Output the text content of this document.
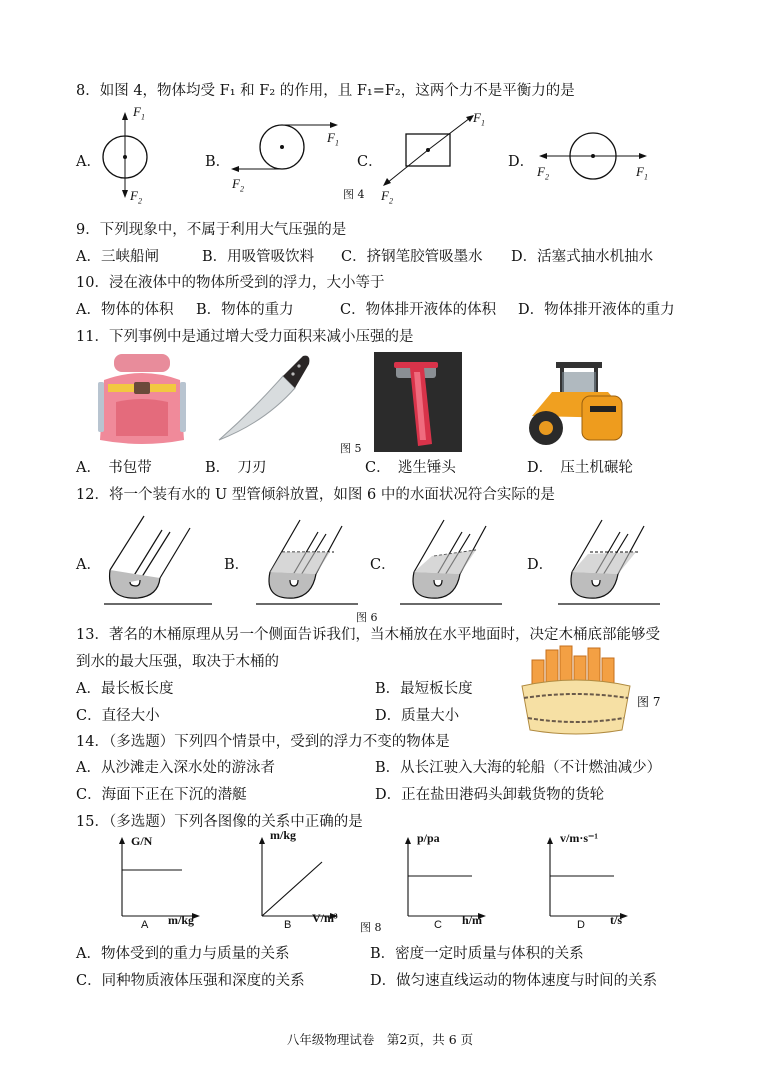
8．如图 4，物体均受 F₁ 和 F₂ 的作用，且 F₁=F₂，这两个力不是平衡力的是
A．
$F_1$
$F_2$
B．
$F_1$
$F_2$
C．
$F_1$
$F_2$
图 4
D．
$F_2$	$F_1$
9．下列现象中，不属于利用大气压强的是
A．三峡船闸	B．用吸管吸饮料 C．挤钢笔胶管吸墨水 D．活塞式抽水机抽水
10．浸在液体中的物体所受到的浮力，大小等于
A．物体的体积 B．物体的重力	C．物体排开液体的体积 D．物体排开液体的重力
11．下列事例中是通过增大受力面积来减小压强的是
图 5
A．　书包带	B．　刀刃	C．　逃生锤头	D．　压土机碾轮
12．将一个装有水的 U 型管倾斜放置，如图 6 中的水面状况符合实际的是
A．	B．	C．	D．
图 6
13．著名的木桶原理从另一个侧面告诉我们，当木桶放在水平地面时，决定木桶底部能够受
到水的最大压强，取决于木桶的
A．最长板长度	B．最短板长度
C．直径大小	D．质量大小
图 7
14．（多选题）下列四个情景中，受到的浮力不变的物体是
A．从沙滩走入深水处的游泳者	B．从长江驶入大海的轮船（不计燃油减少）
C．海面下正在下沉的潜艇	D．正在盐田港码头卸载货物的货轮
15．（多选题）下列各图像的关系中正确的是
G/N
m/kg
A
m/kg
V/m³
B	图 8
p/pa
h/m
C
v/m·s⁻¹
t/s
D
A．物体受到的重力与质量的关系	B．密度一定时质量与体积的关系
C．同种物质液体压强和深度的关系	D．做匀速直线运动的物体速度与时间的关系
八年级物理试卷　第2页，共 6 页
